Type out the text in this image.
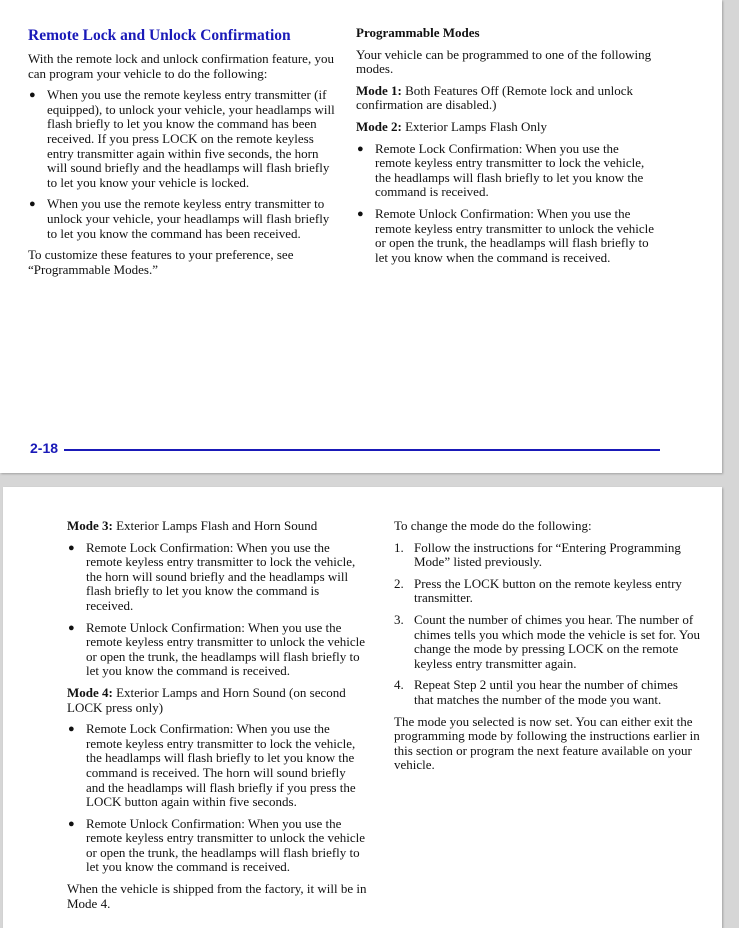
Remote Lock and Unlock Confirmation

With the remote lock and unlock confirmation feature, you can program your vehicle to do the following:

● When you use the remote keyless entry transmitter (if equipped), to unlock your vehicle, your headlamps will flash briefly to let you know the command has been received. If you press LOCK on the remote keyless entry transmitter again within five seconds, the horn will sound briefly and the headlamps will flash briefly to let you know your vehicle is locked.
● When you use the remote keyless entry transmitter to unlock your vehicle, your headlamps will flash briefly to let you know the command has been received.

To customize these features to your preference, see “Programmable Modes.”

Programmable Modes

Your vehicle can be programmed to one of the following modes.

Mode 1: Both Features Off (Remote lock and unlock confirmation are disabled.)

Mode 2: Exterior Lamps Flash Only

● Remote Lock Confirmation: When you use the remote keyless entry transmitter to lock the vehicle, the headlamps will flash briefly to let you know the command is received.
● Remote Unlock Confirmation: When you use the remote keyless entry transmitter to unlock the vehicle or open the trunk, the headlamps will flash briefly to let you know when the command is received.
2-18

Mode 3: Exterior Lamps Flash and Horn Sound

● Remote Lock Confirmation: When you use the remote keyless entry transmitter to lock the vehicle, the horn will sound briefly and the headlamps will flash briefly to let you know the command is received.
● Remote Unlock Confirmation: When you use the remote keyless entry transmitter to unlock the vehicle or open the trunk, the headlamps will flash briefly to let you know the command is received.

Mode 4: Exterior Lamps and Horn Sound (on second LOCK press only)

● Remote Lock Confirmation: When you use the remote keyless entry transmitter to lock the vehicle, the headlamps will flash briefly to let you know the command is received. The horn will sound briefly and the headlamps will flash briefly if you press the LOCK button again within five seconds.
● Remote Unlock Confirmation: When you use the remote keyless entry transmitter to unlock the vehicle or open the trunk, the headlamps will flash briefly to let you know the command is received.

When the vehicle is shipped from the factory, it will be in Mode 4.

To change the mode do the following:

1. Follow the instructions for “Entering Programming Mode” listed previously.
2. Press the LOCK button on the remote keyless entry transmitter.
3. Count the number of chimes you hear. The number of chimes tells you which mode the vehicle is set for. You change the mode by pressing LOCK on the remote keyless entry transmitter again.
4. Repeat Step 2 until you hear the number of chimes that matches the number of the mode you want.

The mode you selected is now set. You can either exit the programming mode by following the instructions earlier in this section or program the next feature available on your vehicle.
